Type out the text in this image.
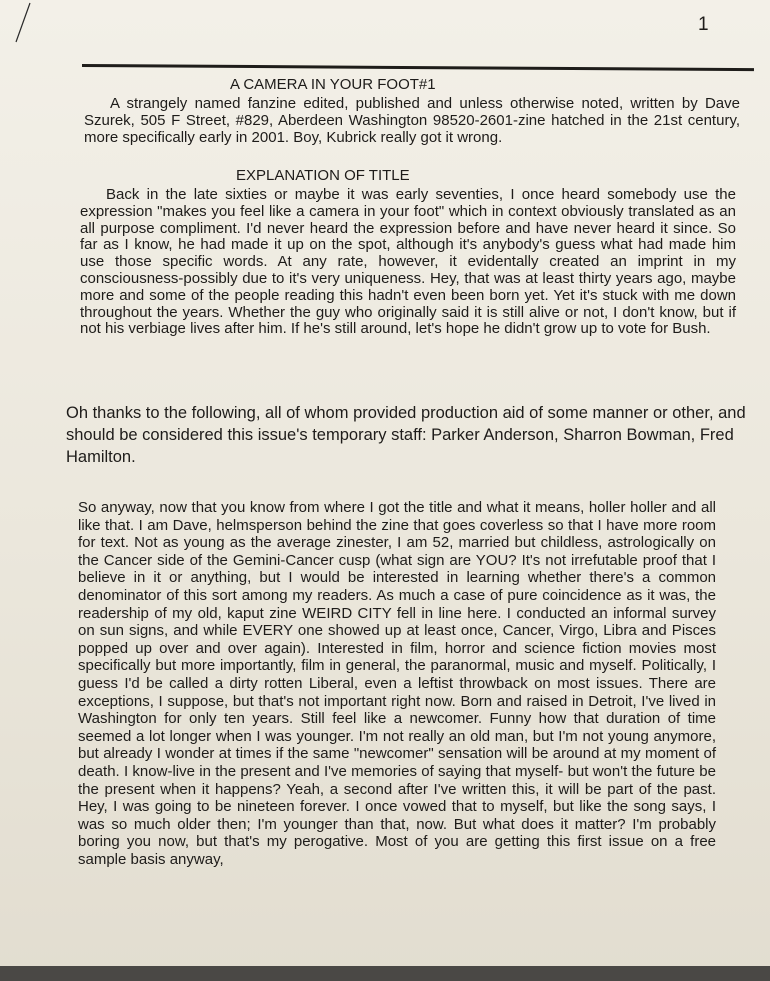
1
A CAMERA IN YOUR FOOT#1
A strangely named fanzine edited, published and unless otherwise noted, written by Dave Szurek, 505 F Street, #829, Aberdeen Washington 98520-2601-zine hatched in the 21st century, more specifically early in 2001. Boy, Kubrick really got it wrong.
EXPLANATION OF TITLE
Back in the late sixties or maybe it was early seventies, I once heard somebody use the expression "makes you feel like a camera in your foot" which in context obviously translated as an all purpose compliment. I'd never heard the expression before and have never heard it since. So far as I know, he had made it up on the spot, although it's anybody's guess what had made him use those specific words. At any rate, however, it evidentally created an imprint in my consciousness-possibly due to it's very uniqueness. Hey, that was at least thirty years ago, maybe more and some of the people reading this hadn't even been born yet. Yet it's stuck with me down throughout the years. Whether the guy who originally said it is still alive or not, I don't know, but if not his verbiage lives after him. If he's still around, let's hope he didn't grow up to vote for Bush.
Oh thanks to the following, all of whom provided production aid of some manner or other, and should be considered this issue's temporary staff: Parker Anderson, Sharron Bowman, Fred Hamilton.
So anyway, now that you know from where I got the title and what it means, holler holler and all like that. I am Dave, helmsperson behind the zine that goes coverless so that I have more room for text. Not as young as the average zinester, I am 52, married but childless, astrologically on the Cancer side of the Gemini-Cancer cusp (what sign are YOU? It's not irrefutable proof that I believe in it or anything, but I would be interested in learning whether there's a common denominator of this sort among my readers. As much a case of pure coincidence as it was, the readership of my old, kaput zine WEIRD CITY fell in line here. I conducted an informal survey on sun signs, and while EVERY one showed up at least once, Cancer, Virgo, Libra and Pisces popped up over and over again). Interested in film, horror and science fiction movies most specifically but more importantly, film in general, the paranormal, music and myself. Politically, I guess I'd be called a dirty rotten Liberal, even a leftist throwback on most issues. There are exceptions, I suppose, but that's not important right now. Born and raised in Detroit, I've lived in Washington for only ten years. Still feel like a newcomer. Funny how that duration of time seemed a lot longer when I was younger. I'm not really an old man, but I'm not young anymore, but already I wonder at times if the same "newcomer" sensation will be around at my moment of death. I know-live in the present and I've memories of saying that myself- but won't the future be the present when it happens? Yeah, a second after I've written this, it will be part of the past. Hey, I was going to be nineteen forever. I once vowed that to myself, but like the song says, I was so much older then; I'm younger than that, now. But what does it matter? I'm probably boring you now, but that's my perogative. Most of you are getting this first issue on a free sample basis anyway,
